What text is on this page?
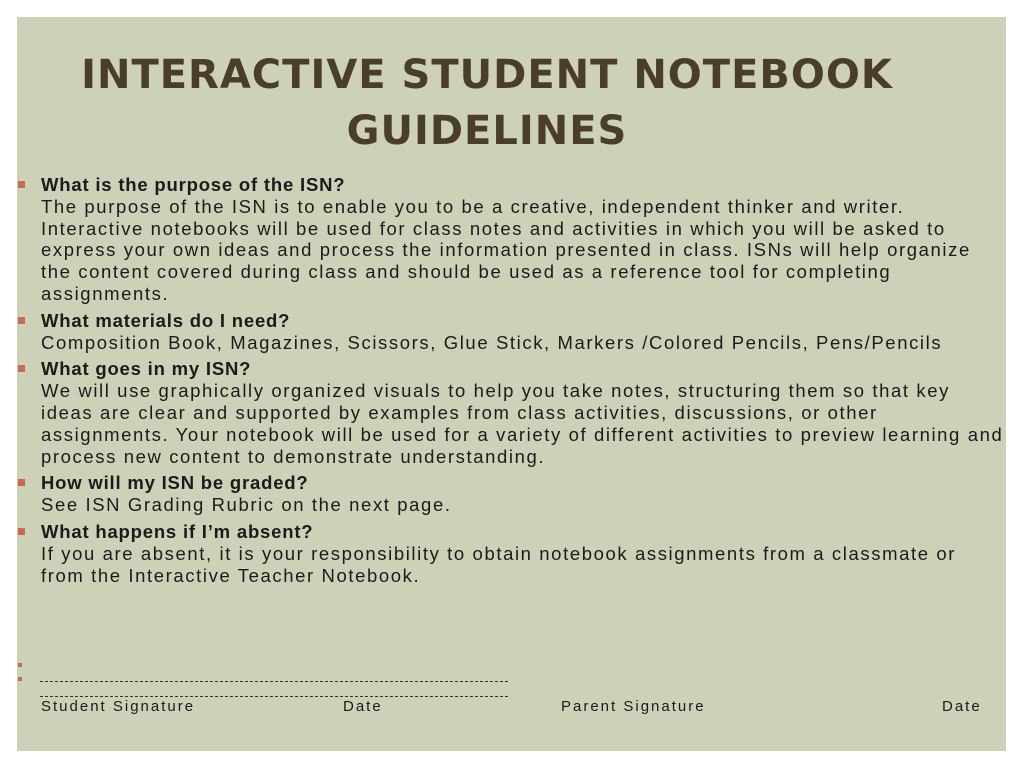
INTERACTIVE STUDENT NOTEBOOK
GUIDELINES
What is the purpose of the ISN?
The purpose of the ISN is to enable you to be a creative, independent thinker and writer. Interactive notebooks will be used for class notes and activities in which you will be asked to express your own ideas and process the information presented in class. ISNs will help organize the content covered during class and should be used as a reference tool for completing assignments.
What materials do I need?
Composition Book, Magazines, Scissors, Glue Stick, Markers /Colored Pencils, Pens/Pencils
What goes in my ISN?
We will use graphically organized visuals to help you take notes, structuring them so that key ideas are clear and supported by examples from class activities, discussions, or other assignments. Your notebook will be used for a variety of different activities to preview learning and process new content to demonstrate understanding.
How will my ISN be graded?
See ISN Grading Rubric on the next page.
What happens if I’m absent?
If you are absent, it is your responsibility to obtain notebook assignments from a classmate or from the Interactive Teacher Notebook.
Student Signature	Date	Parent Signature	Date
